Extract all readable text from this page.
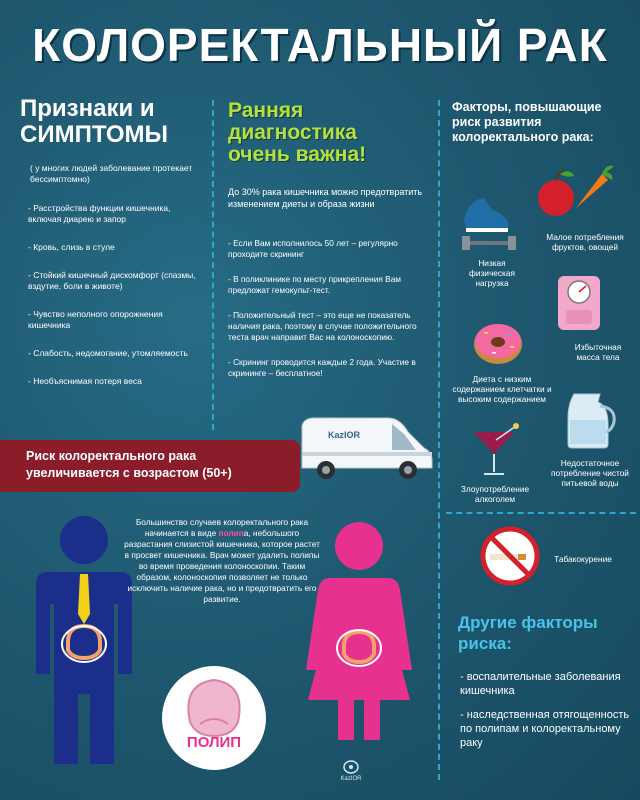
КОЛОРЕКТАЛЬНЫЙ РАК
Признаки и
СИМПТОМЫ
( у многих людей заболевание протекает бессимптомно)
- Расстройства функции кишечника, включая диарею и запор
- Кровь, слизь в стуле
- Стойкий кишечный дискомфорт (спазмы, вздутие, боли в животе)
- Чувство неполного опорожнения кишечника
- Слабость, недомогание, утомляемость
- Необъяснимая потеря веса
Ранняя
диагностика
очень важна!
До 30% рака кишечника можно предотвратить изменением диеты и образа жизни
- Если Вам исполнилось 50 лет – регулярно проходите скрининг
- В поликлинике по месту прикрепления Вам предложат гемокульт-тест.
- Положительный тест – это еще не показатель наличия рака, поэтому в случае положительного теста врач направит Вас на колоноскопию.
- Скрининг проводится каждые 2 года. Участие в скрининге – бесплатное!
KazIOR
Факторы, повышающие риск развития колоректального рака:
Малое потребления фруктов, овощей
Низкая физическая нагрузка
Избыточная масса тела
Диета с низким содержанием клетчатки и высоким содержанием
Недостаточное потребление чистой питьевой воды
Злоупотребление алкоголем
Табакокурение
Риск колоректального рака
увеличивается с возрастом (50+)
Большинство случаев колоректального рака начинается в виде полипа, небольшого разрастания слизистой кишечника, которое растет в просвет кишечника. Врач может удалить полипы во время проведения колоноскопии. Таким образом, колоноскопия позволяет не только исключить наличие рака, но и предотвратить его развитие.
ПОЛИП
Другие факторы
риска:
- воспалительные заболевания кишечника
- наследственная отягощенность по полипам и колоректальному раку
KazIOR
